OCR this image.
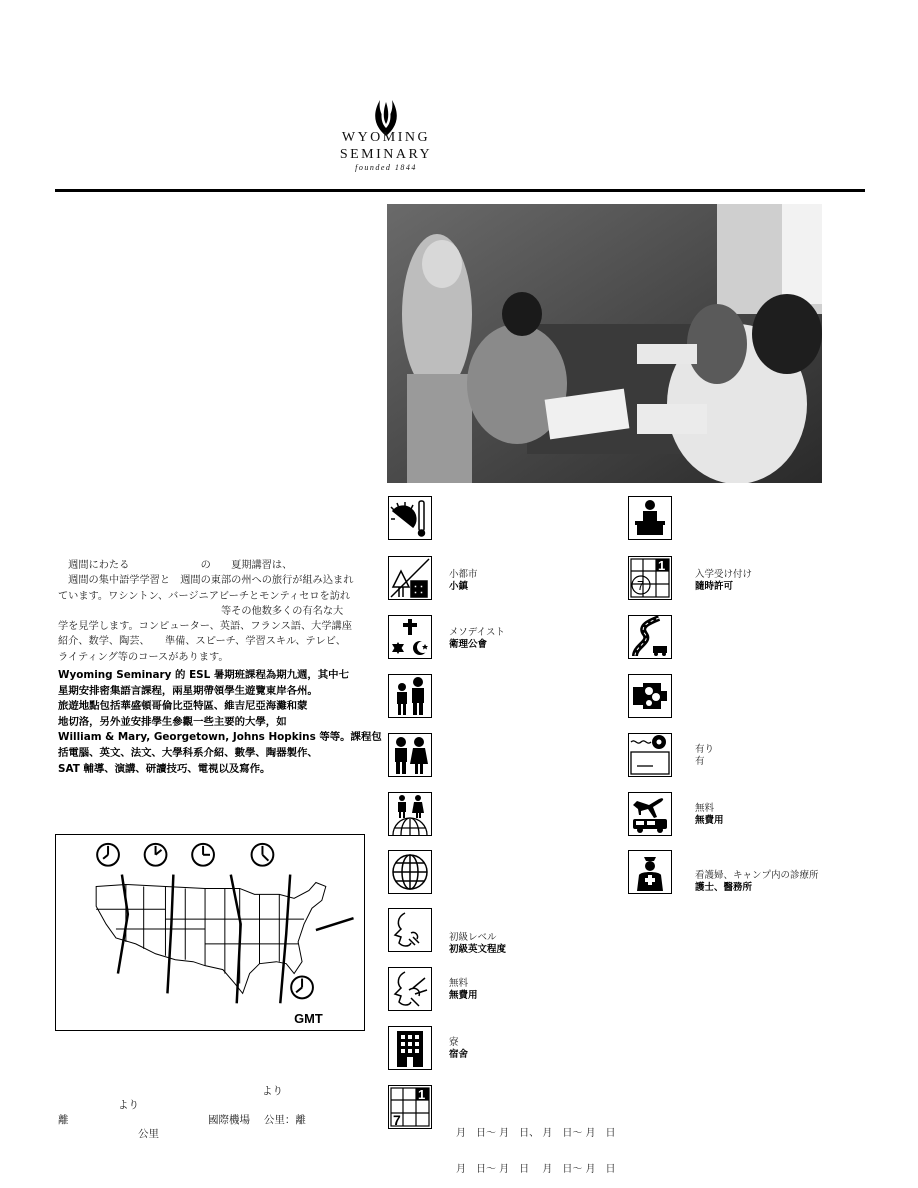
WYOMING
SEMINARY
founded 1844

　週間にわたる　　　　　　　の　　夏期講習は、

　週間の集中語学学習と　週間の東部の州への旅行が組み込まれ

ています。ワシントン、バージニアビーチとモンティセロを訪れ

　　　　　　　　　　　　　　　　等その他数多くの有名な大

学を見学します。コンピューター、英語、フランス語、大学講座

紹介、数学、陶芸、　　準備、スピーチ、学習スキル、テレビ、

ライティング等のコースがあります。

Wyoming Seminary 的 ESL 暑期班課程為期九週，其中七

星期安排密集語言課程，兩星期帶領學生遊覽東岸各州。

旅遊地點包括華盛頓哥倫比亞特區、維吉尼亞海灘和蒙

地切洛，另外並安排學生參觀一些主要的大學，如

William & Mary, Georgetown, Johns Hopkins 等等。課程包

括電腦、英文、法文、大學科系介紹、數學、陶器製作、

SAT 輔導、演講、研讀技巧、電視以及寫作。

GMT
より
より
離	國際機場　 公里：離
公里
小都市
小鎮
メソデイスト
衛理公會
初級レベル
初級英文程度
無料
無費用
寮
宿舍
1
7

月　日～ 月　日、 月　日～ 月　日

月　日～ 月　日　 月　日～ 月　日

1
7
入学受け付け
隨時許可
有り
有
無料
無費用
看護婦、キャンプ内の診療所
護士、醫務所
